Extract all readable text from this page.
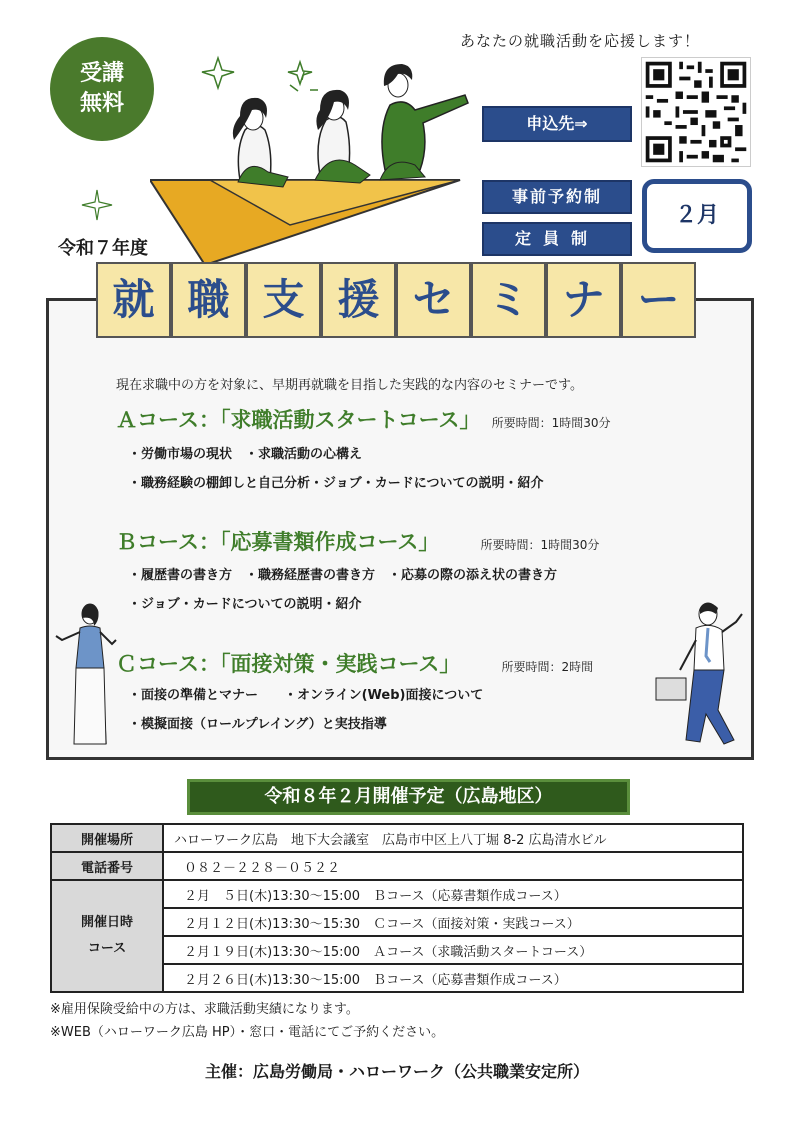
受講
無料
あなたの就職活動を応援します！
申込先⇒
事前予約制
定員制
２月
令和７年度
就 職 支 援 セ ミ ナ ー
現在求職中の方を対象に、早期再就職を目指した実践的な内容のセミナーです。
Ａコース：「求職活動スタートコース」 所要時間：1時間30分
・労働市場の現状　・求職活動の心構え
・職務経験の棚卸しと自己分析・ジョブ・カードについての説明・紹介
Ｂコース：「応募書類作成コース」	所要時間：1時間30分
・履歴書の書き方　・職務経歴書の書き方　・応募の際の添え状の書き方
・ジョブ・カードについての説明・紹介
Ｃコース：「面接対策・実践コース」	所要時間：2時間
・面接の準備とマナー　　・オンライン(Web)面接について
・模擬面接（ロールプレイング）と実技指導
令和８年２月開催予定（広島地区）
開催場所	ハローワーク広島　地下大会議室　広島市中区上八丁堀 8-2 広島清水ビル
電話番号	０８２－２２８－０５２２
開催日時
コース	２月　５日(木)13:30～15:00　Ｂコース（応募書類作成コース）
	２月１２日(木)13:30～15:30　Ｃコース（面接対策・実践コース）
	２月１９日(木)13:30～15:00　Ａコース（求職活動スタートコース）
	２月２６日(木)13:30～15:00　Ｂコース（応募書類作成コース）
※雇用保険受給中の方は、求職活動実績になります。
※WEB（ハローワーク広島 HP）・窓口・電話にてご予約ください。
主催：広島労働局・ハローワーク（公共職業安定所）
